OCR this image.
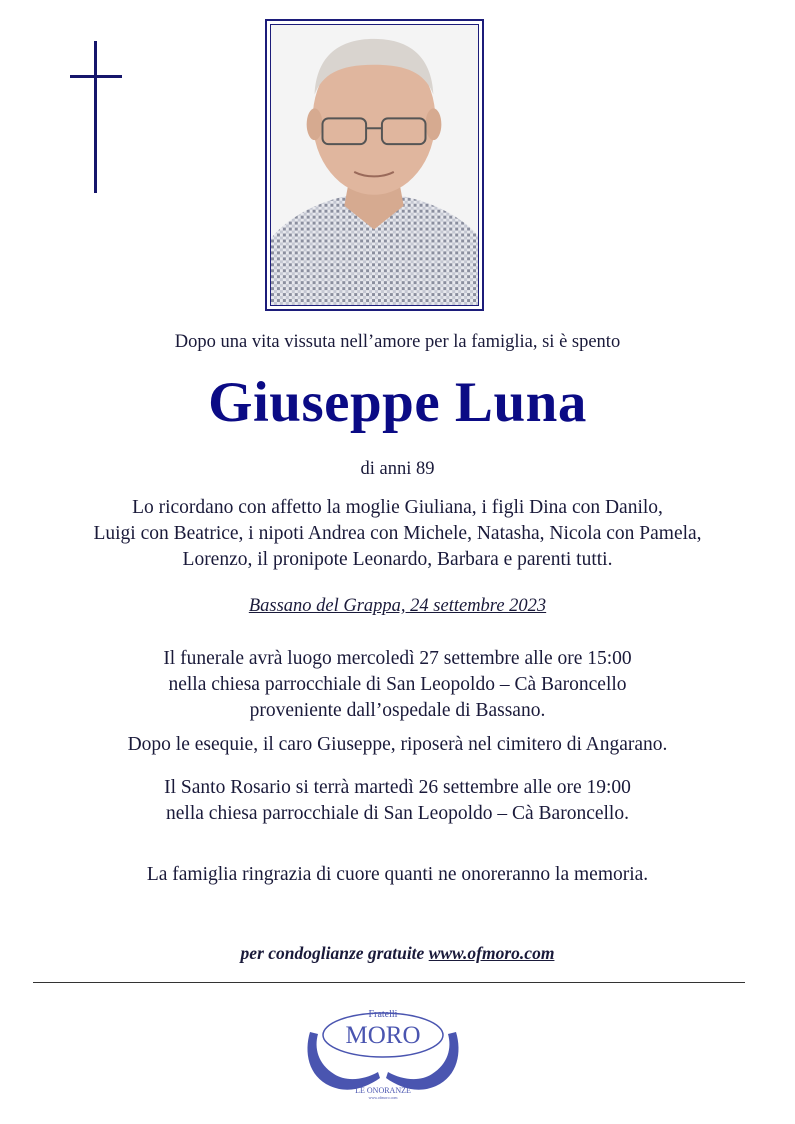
Dopo una vita vissuta nell’amore per la famiglia, si è spento
Giuseppe Luna
di anni 89
Lo ricordano con affetto la moglie Giuliana, i figli Dina con Danilo,
Luigi con Beatrice, i nipoti Andrea con Michele, Natasha, Nicola con Pamela,
Lorenzo, il pronipote Leonardo, Barbara e parenti tutti.
Bassano del Grappa, 24 settembre 2023
Il funerale avrà luogo mercoledì 27 settembre alle ore 15:00
nella chiesa parrocchiale di San Leopoldo – Cà Baroncello
proveniente dall’ospedale di Bassano.
Dopo le esequie, il caro Giuseppe, riposerà nel cimitero di Angarano.
Il Santo Rosario si terrà martedì 26 settembre alle ore 19:00
nella chiesa parrocchiale di San Leopoldo – Cà Baroncello.
La famiglia ringrazia di cuore quanti ne onoreranno la memoria.
per condoglianze gratuite www.ofmoro.com
Fratelli
MORO
LE ONORANZE
www.ofmoro.com
